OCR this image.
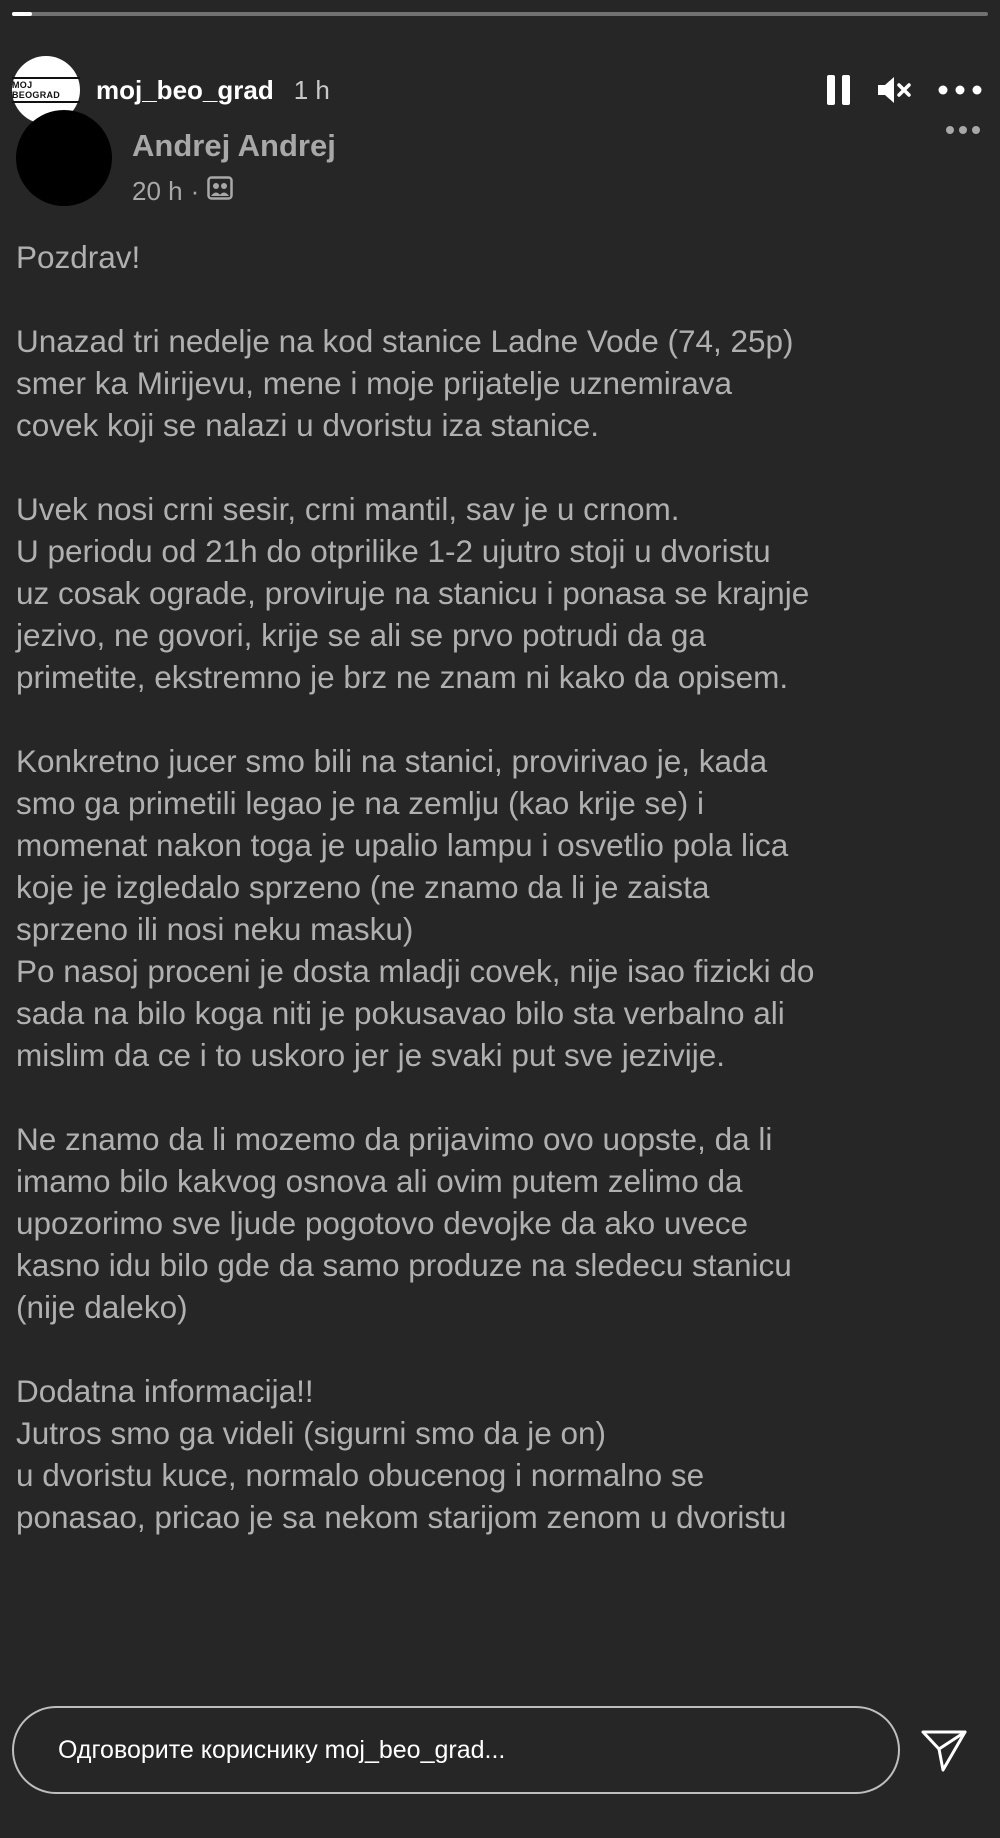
MOJ BEOGRAD	moj_beo_grad 1 h
Andrej Andrej
20 h ·
Pozdrav!
Unazad tri nedelje na kod stanice Ladne Vode (74, 25p)
smer ka Mirijevu, mene i moje prijatelje uznemirava
covek koji se nalazi u dvoristu iza stanice.
Uvek nosi crni sesir, crni mantil, sav je u crnom.
U periodu od 21h do otprilike 1-2 ujutro stoji u dvoristu
uz cosak ograde, proviruje na stanicu i ponasa se krajnje
jezivo, ne govori, krije se ali se prvo potrudi da ga
primetite, ekstremno je brz ne znam ni kako da opisem.
Konkretno jucer smo bili na stanici, provirivao je, kada
smo ga primetili legao je na zemlju (kao krije se) i
momenat nakon toga je upalio lampu i osvetlio pola lica
koje je izgledalo sprzeno (ne znamo da li je zaista
sprzeno ili nosi neku masku)
Po nasoj proceni je dosta mladji covek, nije isao fizicki do
sada na bilo koga niti je pokusavao bilo sta verbalno ali
mislim da ce i to uskoro jer je svaki put sve jezivije.
Ne znamo da li mozemo da prijavimo ovo uopste, da li
imamo bilo kakvog osnova ali ovim putem zelimo da
upozorimo sve ljude pogotovo devojke da ako uvece
kasno idu bilo gde da samo produze na sledecu stanicu
(nije daleko)
Dodatna informacija!!
Jutros smo ga videli (sigurni smo da je on)
u dvoristu kuce, normalo obucenog i normalno se
ponasao, pricao je sa nekom starijom zenom u dvoristu
Одговорите кориснику moj_beo_grad...
